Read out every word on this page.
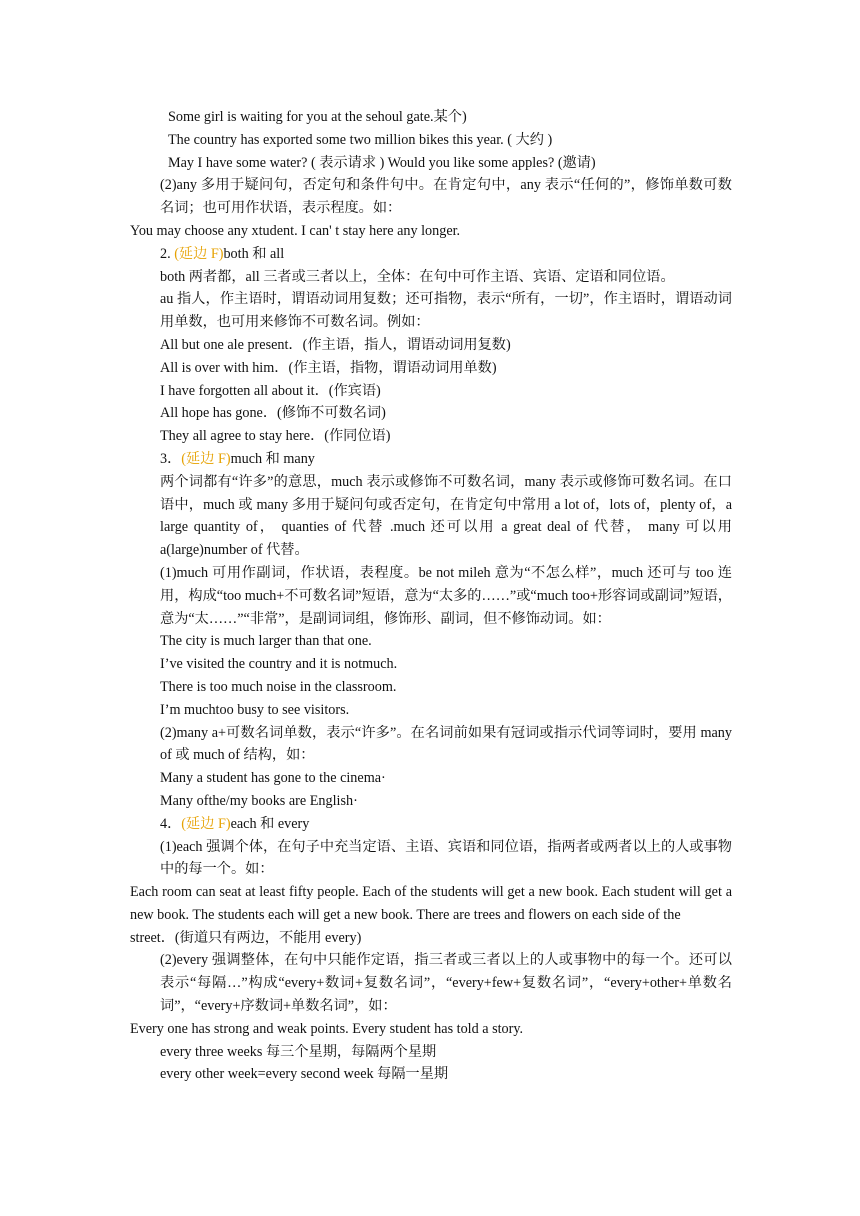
Some girl is waiting for you at the sehoul gate.某个)
The country has exported some two million bikes this year. ( 大约 )
May I have some water? ( 表示请求 ) Would you like some apples? (邀请)
(2)any 多用于疑问句，否定句和条件句中。在肯定句中，any 表示“任何的”，修饰单数可数名词；也可用作状语，表示程度。如：
You may choose any xtudent. I can' t stay here any longer.
2. (延边 F)both 和 all
both 两者都，all 三者或三者以上，全体：在句中可作主语、宾语、定语和同位语。
au 指人，作主语时，谓语动词用复数；还可指物，表示“所有，一切”，作主语时，谓语动词用单数，也可用来修饰不可数名词。例如：
All but one ale present．(作主语，指人，谓语动词用复数)
All is over with him．(作主语，指物，谓语动词用单数)
I have forgotten all about it．(作宾语)
All hope has gone．(修饰不可数名词)
They all agree to stay here．(作同位语)
3．(延边 F)much 和 many
两个词都有“许多”的意思，much 表示或修饰不可数名词，many 表示或修饰可数名词。在口语中，much 或 many 多用于疑问句或否定句，在肯定句中常用 a lot of，lots of，plenty of，a large quantity of， quanties of 代替 .much 还可以用 a great deal of 代替， many 可以用 a(large)number of 代替。
(1)much 可用作副词，作状语，表程度。be not mileh 意为“不怎么样”，much 还可与 too 连用，构成“too much+不可数名词”短语，意为“太多的……”或“much too+形容词或副词”短语，意为“太……”“非常”，是副词词组，修饰形、副词，但不修饰动词。如：
The city is much larger than that one.
I’ve visited the country and it is notmuch.
There is too much noise in the classroom.
I’m muchtoo busy to see visitors.
(2)many a+可数名词单数，表示“许多”。在名词前如果有冠词或指示代词等词时，要用 many of 或 much of 结构，如：
Many a student has gone to the cinema·
Many ofthe/my books are English·
4．(延边 F)each 和 every
(1)each 强调个体，在句子中充当定语、主语、宾语和同位语，指两者或两者以上的人或事物中的每一个。如：
Each room can seat at least fifty people. Each of the students will get a new book. Each student will get a new book. The students each will get a new book. There are trees and flowers on each side of the
street．(街道只有两边，不能用 every)
(2)every 强调整体，在句中只能作定语，指三者或三者以上的人或事物中的每一个。还可以表示“每隔…”构成“every+数词+复数名词”，“every+few+复数名词”，“every+other+单数名词”，“every+序数词+单数名词”，如：
Every one has strong and weak points. Every student has told a story.
every three weeks 每三个星期，每隔两个星期
every other week=every second week 每隔一星期
